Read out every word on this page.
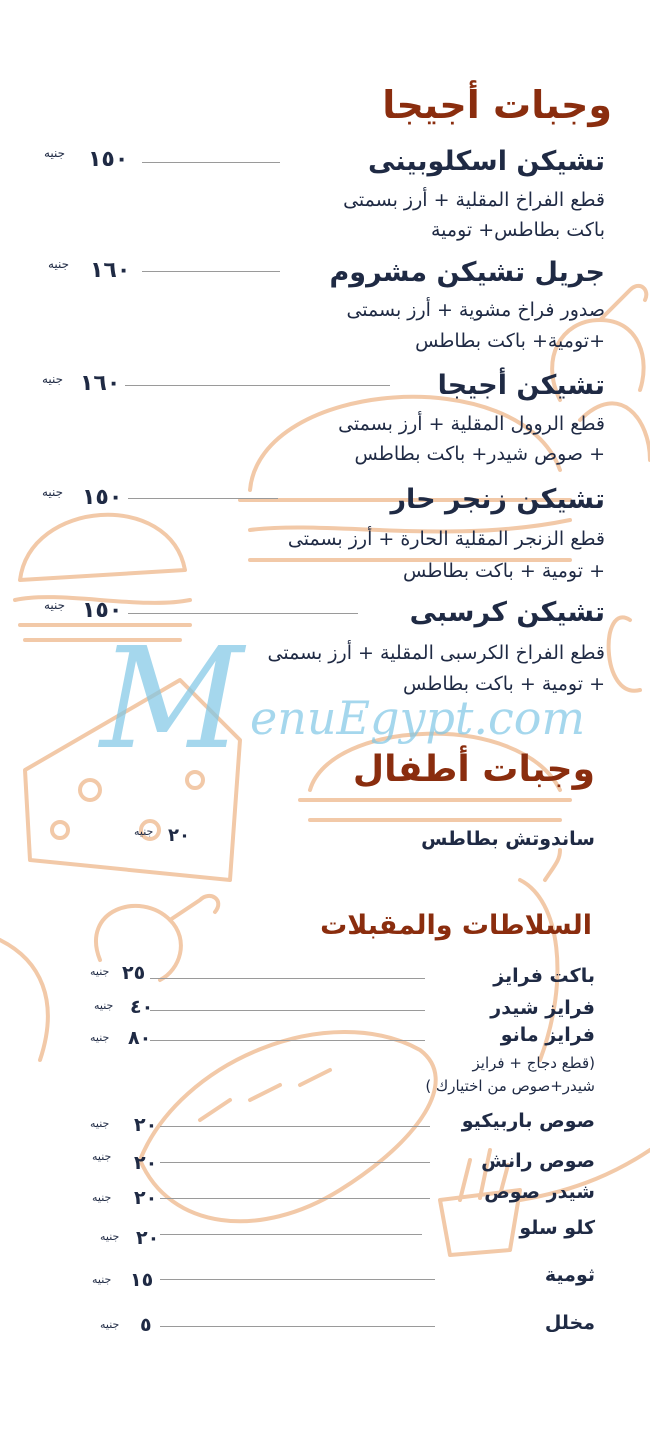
M enuEgypt.com
وجبات أجيجا
تشيكن اسكلوبينى
١٥٠
جنيه
قطع الفراخ المقلية + أرز بسمتى
باكت بطاطس+ تومية
جريل تشيكن مشروم
١٦٠
جنيه
صدور فراخ مشوية + أرز بسمتى
+تومية+ باكت بطاطس
تشيكن أجيجا
١٦٠
جنيه
قطع الروول المقلية + أرز بسمتى
+ صوص شيدر+ باكت بطاطس
تشيكن زنجر حار
١٥٠
جنيه
قطع الزنجر المقلية الحارة + أرز بسمتى
+ تومية + باكت بطاطس
تشيكن كرسبى
١٥٠
جنيه
قطع الفراخ الكرسبى المقلية + أرز بسمتى
+ تومية + باكت بطاطس
وجبات أطفال
ساندوتش بطاطس
٢٠
جنيه
السلاطات والمقبلات
باكت فرايز
٢٥
جنيه
فرايز شيدر
٤٠
جنيه
فرايز مانو
٨٠
جنيه
(قطع دجاج + فرايز
شيدر+صوص من اختيارك )
صوص باربيكيو
٢٠
جنيه
صوص رانش
٢٠
جنيه
شيدر صوص
٢٠
جنيه
كلو سلو
٢٠
جنيه
ثومية
١٥
جنيه
مخلل
٥
جنيه
